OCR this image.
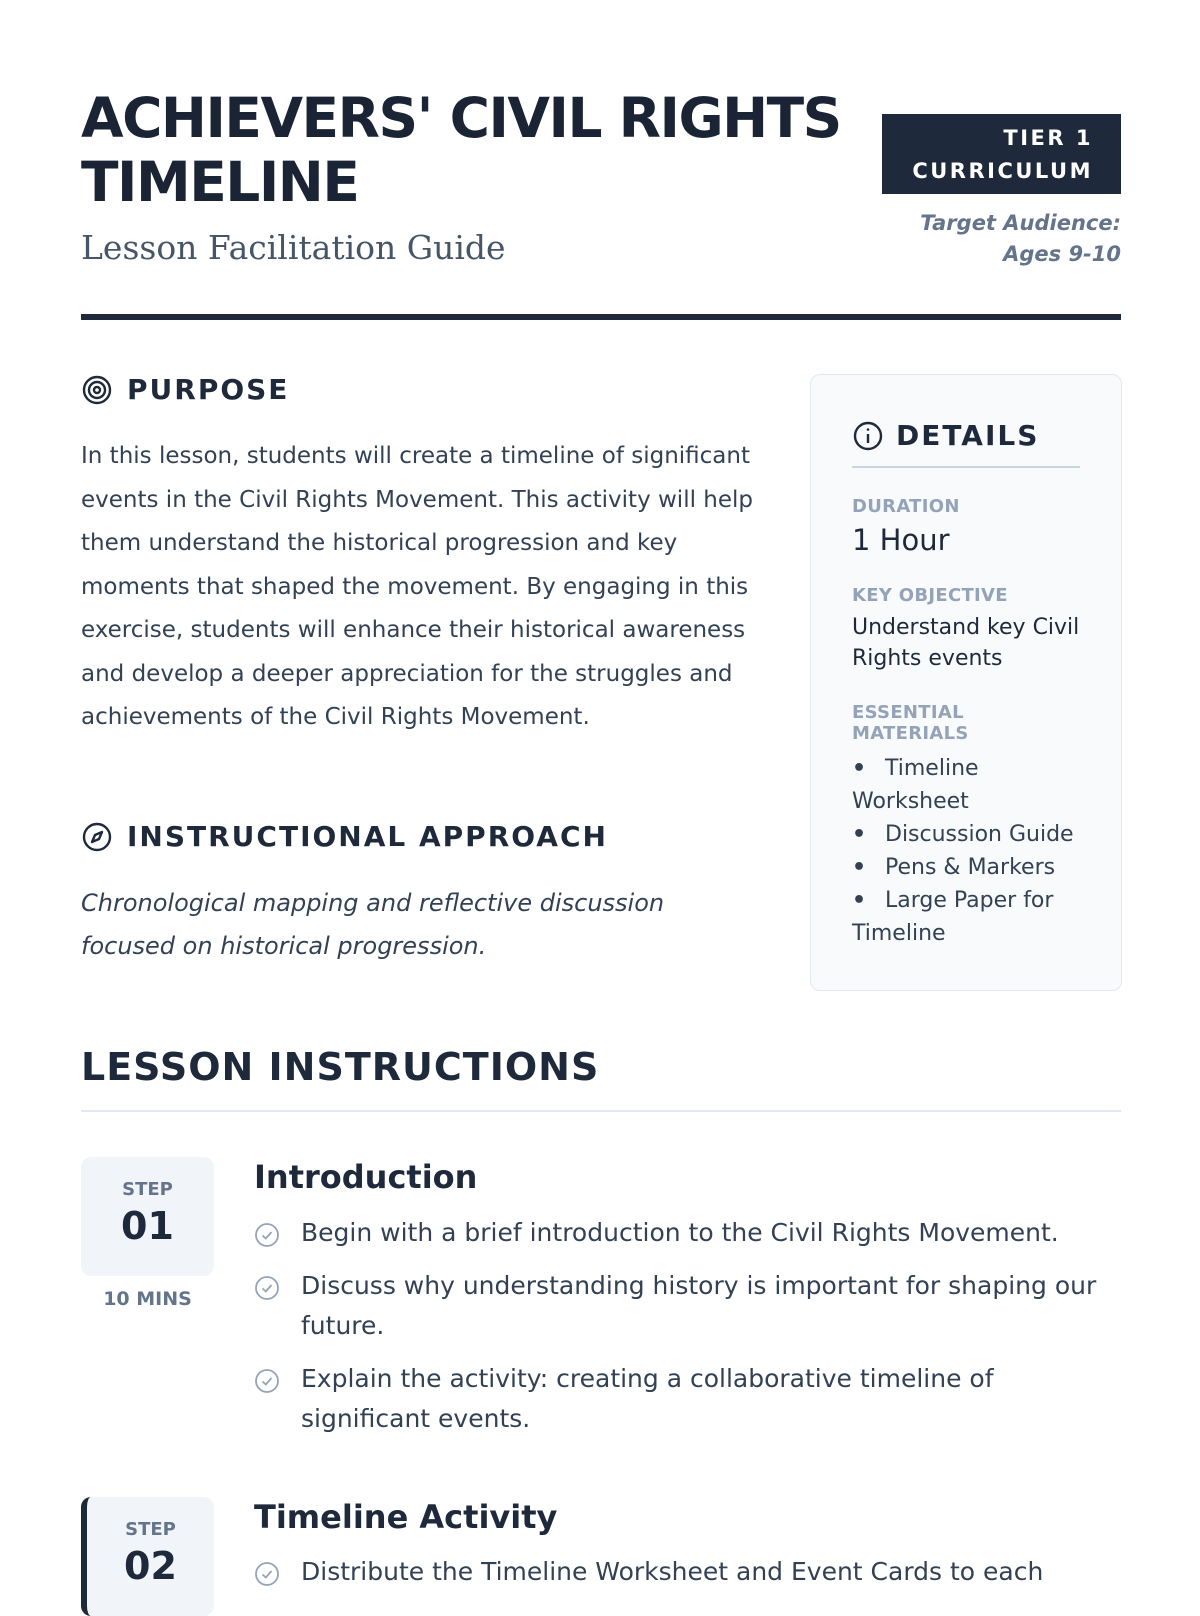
ACHIEVERS' CIVIL RIGHTS TIMELINE

Lesson Facilitation Guide

TIER 1
CURRICULUM
Target Audience:
Ages 9-10
PURPOSE

In this lesson, students will create a timeline of significant events in the Civil Rights Movement. This activity will help them understand the historical progression and key moments that shaped the movement. By engaging in this exercise, students will enhance their historical awareness and develop a deeper appreciation for the struggles and achievements of the Civil Rights Movement.

INSTRUCTIONAL APPROACH

Chronological mapping and reflective discussion focused on historical progression.

DETAILS
DURATION
1 Hour
KEY OBJECTIVE
Understand key Civil Rights events
ESSENTIAL MATERIALS
• Timeline Worksheet
• Discussion Guide
• Pens & Markers
• Large Paper for Timeline
LESSON INSTRUCTIONS
STEP
01
10 MINS
Introduction
Begin with a brief introduction to the Civil Rights Movement.
Discuss why understanding history is important for shaping our future.
Explain the activity: creating a collaborative timeline of significant events.
STEP
02
Timeline Activity
Distribute the Timeline Worksheet and Event Cards to each
